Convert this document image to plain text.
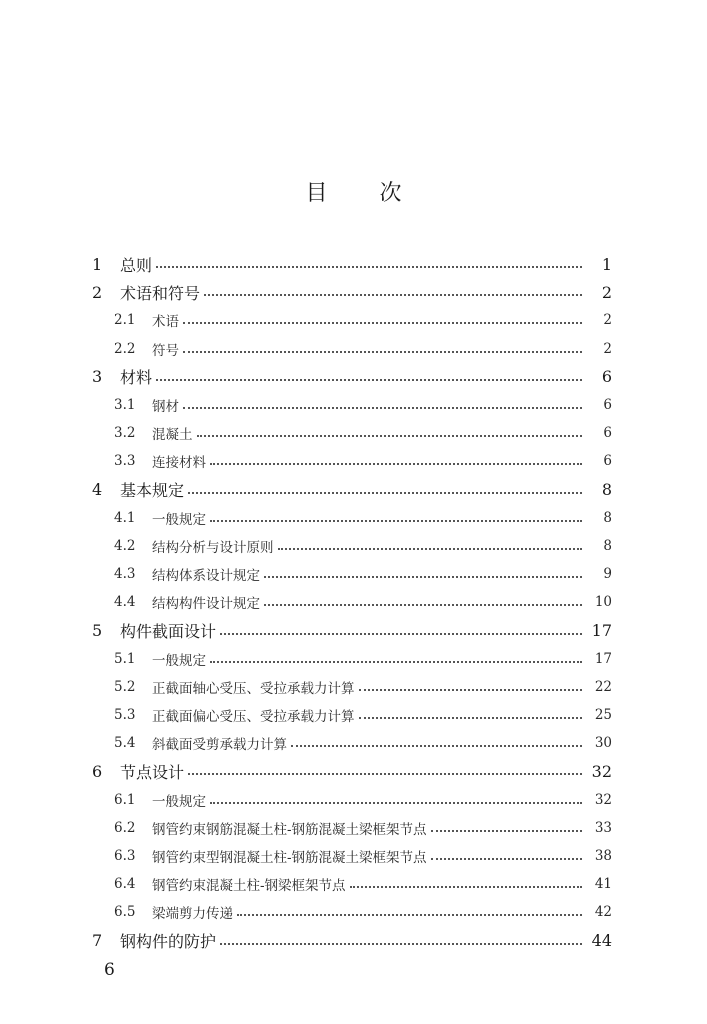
目 次
1	总则	1
2	术语和符号	2
2.1	术语	2
2.2	符号	2
3	材料	6
3.1	钢材	6
3.2	混凝土	6
3.3	连接材料	6
4	基本规定	8
4.1	一般规定	8
4.2	结构分析与设计原则	8
4.3	结构体系设计规定	9
4.4	结构构件设计规定	10
5	构件截面设计	17
5.1	一般规定	17
5.2	正截面轴心受压、受拉承载力计算	22
5.3	正截面偏心受压、受拉承载力计算	25
5.4	斜截面受剪承载力计算	30
6	节点设计	32
6.1	一般规定	32
6.2	钢管约束钢筋混凝土柱-钢筋混凝土梁框架节点	33
6.3	钢管约束型钢混凝土柱-钢筋混凝土梁框架节点	38
6.4	钢管约束混凝土柱-钢梁框架节点	41
6.5	梁端剪力传递	42
7	钢构件的防护	44
6
